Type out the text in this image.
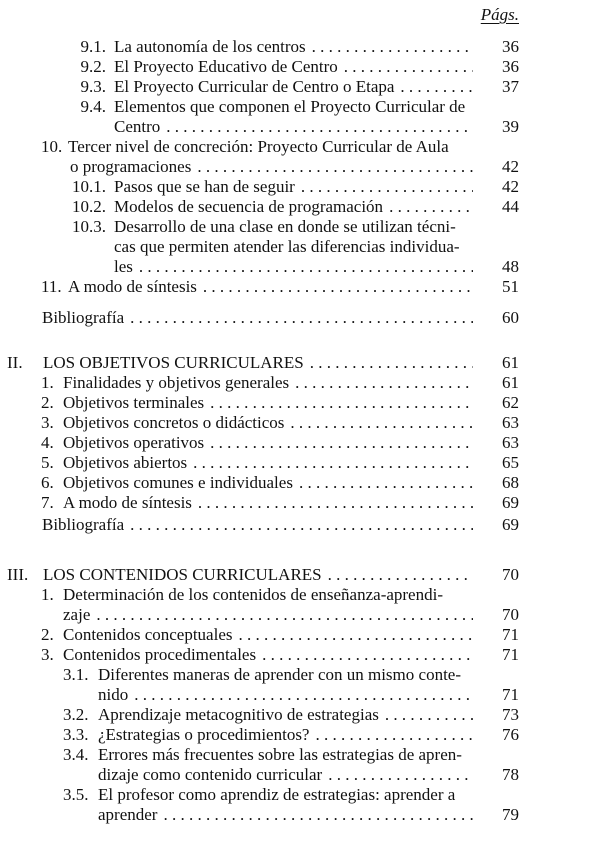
Págs.
9.1. La autonomía de los centros . . .	36
9.2. El Proyecto Educativo de Centro . . .	36
9.3. El Proyecto Curricular de Centro o Etapa . . .	37
9.4. Elementos que componen el Proyecto Curricular de
Centro . . .	39
10. Tercer nivel de concreción: Proyecto Curricular de Aula
o programaciones . . .	42
10.1. Pasos que se han de seguir . . .	42
10.2. Modelos de secuencia de programación . . .	44
10.3. Desarrollo de una clase en donde se utilizan técni-
cas que permiten atender las diferencias individua-
les . . .	48
11. A modo de síntesis . . .	51
Bibliografía . . .	60
II. LOS OBJETIVOS CURRICULARES . . .	61
1. Finalidades y objetivos generales . . .	61
2. Objetivos terminales . . .	62
3. Objetivos concretos o didácticos . . .	63
4. Objetivos operativos . . .	63
5. Objetivos abiertos . . .	65
6. Objetivos comunes e individuales . . .	68
7. A modo de síntesis . . .	69
Bibliografía . . .	69
III. LOS CONTENIDOS CURRICULARES . . .	70
1. Determinación de los contenidos de enseñanza-aprendi-
zaje . . .	70
2. Contenidos conceptuales . . .	71
3. Contenidos procedimentales . . .	71
3.1. Diferentes maneras de aprender con un mismo conte-
nido . . .	71
3.2. Aprendizaje metacognitivo de estrategias . . .	73
3.3. ¿Estrategias o procedimientos? . . .	76
3.4. Errores más frecuentes sobre las estrategias de apren-
dizaje como contenido curricular . . .	78
3.5. El profesor como aprendiz de estrategias: aprender a
aprender . . .	79
